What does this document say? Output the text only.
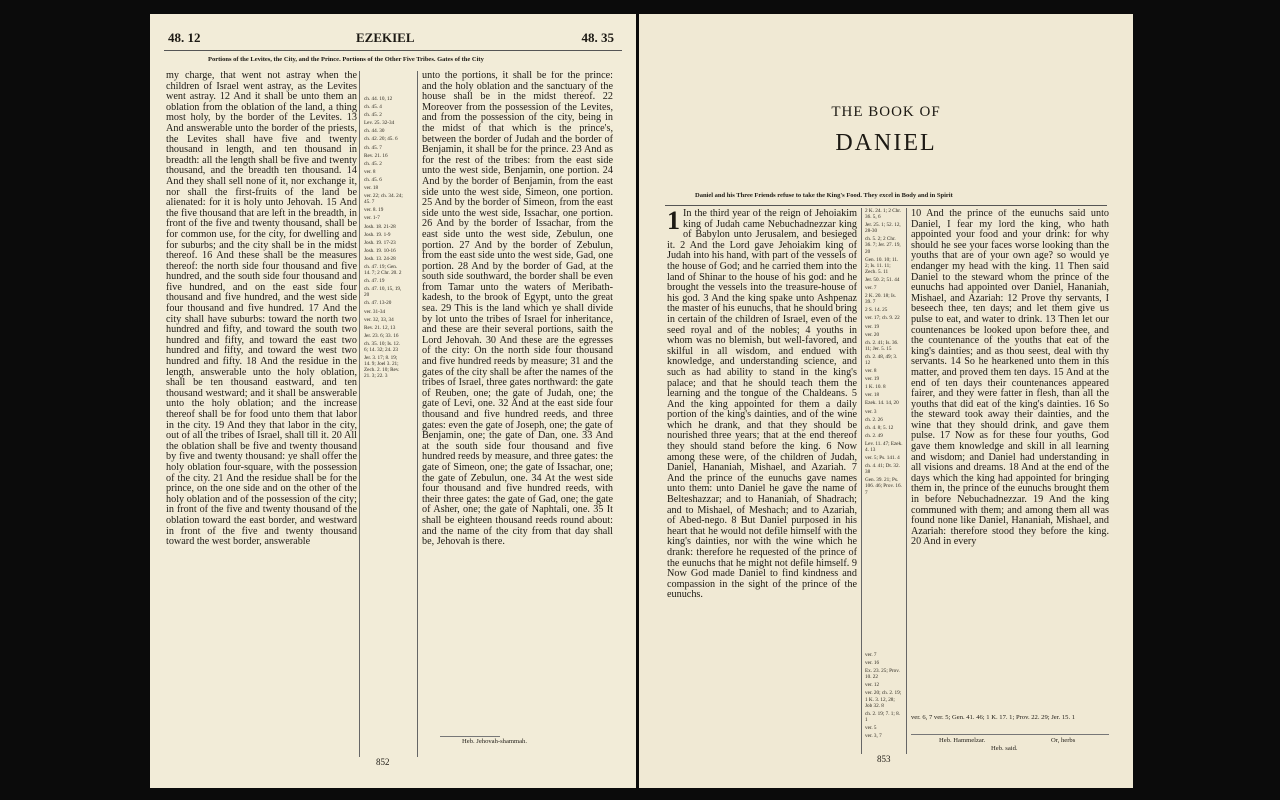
48. 12	EZEKIEL	48. 35
Portions of the Levites, the City, and the Prince. Portions of the Other Five Tribes. Gates of the City
my charge, that went not astray when the children of Israel went astray, as the Levites went astray. 12 And it shall be unto them an oblation from the oblation of the land, a thing most holy, by the border of the Levites. 13 And answerable unto the border of the priests, the Levites shall have five and twenty thousand in length, and ten thousand in breadth: all the length shall be five and twenty thousand, and the breadth ten thousand. 14 And they shall sell none of it, nor exchange it, nor shall the first-fruits of the land be alienated: for it is holy unto Jehovah. 15 And the five thousand that are left in the breadth, in front of the five and twenty thousand, shall be for common use, for the city, for dwelling and for suburbs; and the city shall be in the midst thereof. 16 And these shall be the measures thereof: the north side four thousand and five hundred, and the south side four thousand and five hundred, and on the east side four thousand and five hundred, and the west side four thousand and five hundred. 17 And the city shall have suburbs: toward the north two hundred and fifty, and toward the south two hundred and fifty, and toward the east two hundred and fifty, and toward the west two hundred and fifty. 18 And the residue in the length, answerable unto the holy oblation, shall be ten thousand eastward, and ten thousand westward; and it shall be answerable unto the holy oblation; and the increase thereof shall be for food unto them that labor in the city. 19 And they that labor in the city, out of all the tribes of Israel, shall till it. 20 All the oblation shall be five and twenty thousand by five and twenty thousand: ye shall offer the holy oblation four-square, with the possession of the city. 21 And the residue shall be for the prince, on the one side and on the other of the holy oblation and of the possession of the city; in front of the five and twenty thousand of the oblation toward the east border, and westward in front of the five and twenty thousand toward the west border, answerable
ch. 44. 10, 12
ch. 45. 4
ch. 45. 2
Lev. 25. 32-34
ch. 44. 30
ch. 42. 20; 45. 6
ch. 45. 7
Rev. 21. 16
ch. 45. 2
ver. 8
ch. 45. 6
ver. 18
ver. 22; ch. 34. 24; 45. 7
ver. 8. 19
ver. 1-7
Josh. 18. 21-28
Josh. 19. 1-9
Josh. 19. 17-23
Josh. 19. 10-16
Josh. 13. 24-28
ch. 47. 19; Gen. 14. 7; 2 Chr. 20. 2
ch. 47. 19
ch. 47. 10, 15, 19, 20
ch. 47. 13-20
ver. 31-34
ver. 32, 33, 34
Rev. 21. 12, 13
Jer. 23. 6; 33. 16
ch. 35. 10; Is. 12. 6; 14. 32; 24. 23
Jer. 3. 17; 8. 19; 14. 9; Joel 3. 21; Zech. 2. 10; Rev. 21. 3; 22. 3
unto the portions, it shall be for the prince: and the holy oblation and the sanctuary of the house shall be in the midst thereof. 22 Moreover from the possession of the Levites, and from the possession of the city, being in the midst of that which is the prince's, between the border of Judah and the border of Benjamin, it shall be for the prince. 23 And as for the rest of the tribes: from the east side unto the west side, Benjamin, one portion. 24 And by the border of Benjamin, from the east side unto the west side, Simeon, one portion. 25 And by the border of Simeon, from the east side unto the west side, Issachar, one portion. 26 And by the border of Issachar, from the east side unto the west side, Zebulun, one portion. 27 And by the border of Zebulun, from the east side unto the west side, Gad, one portion. 28 And by the border of Gad, at the south side southward, the border shall be even from Tamar unto the waters of Meribath-kadesh, to the brook of Egypt, unto the great sea. 29 This is the land which ye shall divide by lot unto the tribes of Israel for inheritance, and these are their several portions, saith the Lord Jehovah. 30 And these are the egresses of the city: On the north side four thousand and five hundred reeds by measure; 31 and the gates of the city shall be after the names of the tribes of Israel, three gates northward: the gate of Reuben, one; the gate of Judah, one; the gate of Levi, one. 32 And at the east side four thousand and five hundred reeds, and three gates: even the gate of Joseph, one; the gate of Benjamin, one; the gate of Dan, one. 33 And at the south side four thousand and five hundred reeds by measure, and three gates: the gate of Simeon, one; the gate of Issachar, one; the gate of Zebulun, one. 34 At the west side four thousand and five hundred reeds, with their three gates: the gate of Gad, one; the gate of Asher, one; the gate of Naphtali, one. 35 It shall be eighteen thousand reeds round about: and the name of the city from that day shall be, Jehovah is there.
Heb. Jehovah-shammah.
852
THE BOOK OF
DANIEL
Daniel and his Three Friends refuse to take the King's Food. They excel in Body and in Spirit
1 In the third year of the reign of Jehoiakim king of Judah came Nebuchadnezzar king of Babylon unto Jerusalem, and besieged it. 2 And the Lord gave Jehoiakim king of Judah into his hand, with part of the vessels of the house of God; and he carried them into the land of Shinar to the house of his god: and he brought the vessels into the treasure-house of his god. 3 And the king spake unto Ashpenaz the master of his eunuchs, that he should bring in certain of the children of Israel, even of the seed royal and of the nobles; 4 youths in whom was no blemish, but well-favored, and skilful in all wisdom, and endued with knowledge, and understanding science, and such as had ability to stand in the king's palace; and that he should teach them the learning and the tongue of the Chaldeans. 5 And the king appointed for them a daily portion of the king's dainties, and of the wine which he drank, and that they should be nourished three years; that at the end thereof they should stand before the king. 6 Now among these were, of the children of Judah, Daniel, Hananiah, Mishael, and Azariah. 7 And the prince of the eunuchs gave names unto them: unto Daniel he gave the name of Belteshazzar; and to Hananiah, of Shadrach; and to Mishael, of Meshach; and to Azariah, of Abed-nego. 8 But Daniel purposed in his heart that he would not defile himself with the king's dainties, nor with the wine which he drank: therefore he requested of the prince of the eunuchs that he might not defile himself. 9 Now God made Daniel to find kindness and compassion in the sight of the prince of the eunuchs.
2 K. 24. 1; 2 Chr. 36. 5, 6
Jer. 25. 1; 52. 12, 28-30
ch. 5. 2; 2 Chr. 36. 7; Jer. 27. 19, 20
Gen. 10. 10; 11. 2; Is. 11. 11; Zech. 5. 11
Jer. 50. 2; 51. 44
ver. 7
2 K. 20. 18; Is. 39. 7
2 S. 14. 25
ver. 17; ch. 9. 22
ver. 19
ver. 20
ch. 2. 41; Is. 36. 11; Jer. 5. 15
ch. 2. 48, 49; 3. 12
ver. 8
ver. 19
1 K. 10. 8
ver. 18
Ezek. 14. 14, 20
ver. 3
ch. 2. 26
ch. 4. 8; 5. 12
ch. 2. 49
Lev. 11. 47; Ezek. 4. 13
ver. 5; Ps. 141. 4
ch. 4. 41; Dt. 32. 38
Gen. 39. 21; Ps. 106. 46; Prov. 16. 7
ver. 7
ver. 16
Ex. 23. 25; Prov. 10. 22
ver. 12
ver. 20; ch. 2. 19; 1 K. 3. 12, 28; Job 32. 8
ch. 2. 19; 7. 1; 8. 1
ver. 5
ver. 3, 7
10 And the prince of the eunuchs said unto Daniel, I fear my lord the king, who hath appointed your food and your drink: for why should he see your faces worse looking than the youths that are of your own age? so would ye endanger my head with the king. 11 Then said Daniel to the steward whom the prince of the eunuchs had appointed over Daniel, Hananiah, Mishael, and Azariah: 12 Prove thy servants, I beseech thee, ten days; and let them give us pulse to eat, and water to drink. 13 Then let our countenances be looked upon before thee, and the countenance of the youths that eat of the king's dainties; and as thou seest, deal with thy servants. 14 So he hearkened unto them in this matter, and proved them ten days. 15 And at the end of ten days their countenances appeared fairer, and they were fatter in flesh, than all the youths that did eat of the king's dainties. 16 So the steward took away their dainties, and the wine that they should drink, and gave them pulse. 17 Now as for these four youths, God gave them knowledge and skill in all learning and wisdom; and Daniel had understanding in all visions and dreams. 18 And at the end of the days which the king had appointed for bringing them in, the prince of the eunuchs brought them in before Nebuchadnezzar. 19 And the king communed with them; and among them all was found none like Daniel, Hananiah, Mishael, and Azariah: therefore stood they before the king. 20 And in every
ver. 6, 7 ver. 5; Gen. 41. 46; 1 K. 17. 1; Prov. 22. 29; Jer. 15. 1
Heb. Hammelzar.	Or, herbs
Heb. said.
853
